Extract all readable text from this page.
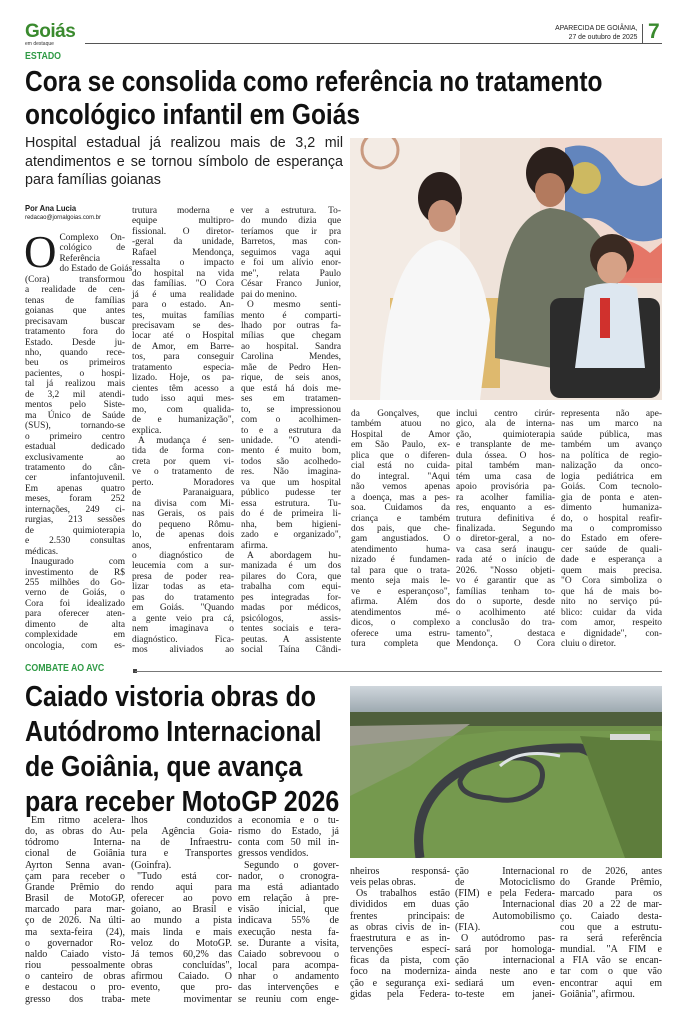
Goiás
em destaque
APARECIDA DE GOIÂNIA,
27 de outubro de 2025 7
ESTADO
Cora se consolida como referência no tratamento
oncológico infantil em Goiás
Hospital estadual já realizou mais de 3,2 mil
atendimentos e se tornou símbolo de esperança
para famílias goianas
Por Ana Lucia
redacao@jornalgoias.com.br
O Complexo On-
cológico de
Referência
do Estado de Goiás
(Cora) transformou
a realidade de cen-
tenas de famílias
goianas que antes
precisavam buscar
tratamento fora do
Estado. Desde ju-
nho, quando rece-
beu os primeiros
pacientes, o hospi-
tal já realizou mais
de 3,2 mil atendi-
mentos pelo Siste-
ma Único de Saúde
(SUS), tornando-se
o primeiro centro
estadual dedicado
exclusivamente ao
tratamento do cân-
cer infantojuvenil.
Em apenas quatro
meses, foram 252
internações, 249 ci-
rurgias, 213 sessões
de quimioterapia
e 2.530 consultas
médicas.
Inaugurado com
investimento de R$
255 milhões do Go-
verno de Goiás, o
Cora foi idealizado
para oferecer aten-
dimento de alta
complexidade em
oncologia, com es-
trutura moderna e
equipe multipro-
fissional. O diretor-
-geral da unidade,
Rafael Mendonça,
ressalta o impacto
do hospital na vida
das famílias. "O Cora
já é uma realidade
para o estado. An-
tes, muitas famílias
precisavam se des-
locar até o Hospital
de Amor, em Barre-
tos, para conseguir
tratamento especia-
lizado. Hoje, os pa-
cientes têm acesso a
tudo isso aqui mes-
mo, com qualida-
de e humanização",
explica.
A mudança é sen-
tida de forma con-
creta por quem vi-
ve o tratamento de
perto. Moradores
de Paranaiguara,
na divisa com Mi-
nas Gerais, os pais
do pequeno Rômu-
lo, de apenas dois
anos, enfrentaram
o diagnóstico de
leucemia com a sur-
presa de poder rea-
lizar todas as eta-
pas do tratamento
em Goiás. "Quando
a gente veio pra cá,
nem imaginava o
diagnóstico. Fica-
mos aliviados ao
ver a estrutura. To-
do mundo dizia que
teríamos que ir pra
Barretos, mas con-
seguimos vaga aqui
e foi um alívio enor-
me", relata Paulo
César Franco Junior,
pai do menino.
O mesmo senti-
mento é comparti-
lhado por outras fa-
mílias que chegam
ao hospital. Sandra
Carolina Mendes,
mãe de Pedro Hen-
rique, de seis anos,
que está há dois me-
ses em tratamen-
to, se impressionou
com o acolhimen-
to e a estrutura da
unidade. "O atendi-
mento é muito bom,
todos são acolhedo-
res. Não imagina-
va que um hospital
público pudesse ter
essa estrutura. Tu-
do é de primeira li-
nha, bem higieni-
zado e organizado",
afirma.
A abordagem hu-
manizada é um dos
pilares do Cora, que
trabalha com equi-
pes integradas for-
madas por médicos,
psicólogos, assis-
tentes sociais e tera-
peutas. A assistente
social Taína Cândi-
da Gonçalves, que
também atuou no
Hospital de Amor
em São Paulo, ex-
plica que o diferen-
cial está no cuida-
do integral. "Aqui
não vemos apenas
a doença, mas a pes-
soa. Cuidamos da
criança e também
dos pais, que che-
gam angustiados. O
atendimento huma-
nizado é fundamen-
tal para que o trata-
mento seja mais le-
ve e esperançoso",
afirma. Além dos
atendimentos mé-
dicos, o complexo
oferece uma estru-
tura completa que
inclui centro cirúr-
gico, ala de interna-
ção, quimioterapia
e transplante de me-
dula óssea. O hos-
pital também man-
tém uma casa de
apoio provisória pa-
ra acolher familia-
res, enquanto a es-
trutura definitiva é
finalizada. Segundo
o diretor-geral, a no-
va casa será inaugu-
rada até o início de
2026. "Nosso objeti-
vo é garantir que as
famílias tenham to-
do o suporte, desde
o acolhimento até
a conclusão do tra-
tamento", destaca
Mendonça. O Cora
representa não ape-
nas um marco na
saúde pública, mas
também um avanço
na política de regio-
nalização da onco-
logia pediátrica em
Goiás. Com tecnolo-
gia de ponta e aten-
dimento humaniza-
do, o hospital reafir-
ma o compromisso
do Estado em ofere-
cer saúde de quali-
dade e esperança a
quem mais precisa.
"O Cora simboliza o
que há de mais bo-
nito no serviço pú-
blico: cuidar da vida
com amor, respeito
e dignidade", con-
cluiu o diretor.
COMBATE AO AVC
Caiado vistoria obras do
Autódromo Internacional
de Goiânia, que avança
para receber MotoGP 2026
Em ritmo acelera-
do, as obras do Au-
tódromo Interna-
cional de Goiânia
Ayrton Senna avan-
çam para receber o
Grande Prêmio do
Brasil de MotoGP,
marcado para mar-
ço de 2026. Na últi-
ma sexta-feira (24),
o governador Ro-
naldo Caiado visto-
riou pessoalmente
o canteiro de obras
e destacou o pro-
gresso dos traba-
lhos conduzidos
pela Agência Goia-
na de Infraestru-
tura e Transportes
(Goinfra).
"Tudo está cor-
rendo aqui para
oferecer ao povo
goiano, ao Brasil e
ao mundo a pista
mais linda e mais
veloz do MotoGP.
Já temos 60,2% das
obras concluídas",
afirmou Caiado. O
evento, que pro-
mete movimentar
a economia e o tu-
rismo do Estado, já
conta com 50 mil in-
gressos vendidos.
Segundo o gover-
nador, o cronogra-
ma está adiantado
em relação à pre-
visão inicial, que
indicava 55% de
execução nesta fa-
se. Durante a visita,
Caiado sobrevoou o
local para acompa-
nhar o andamento
das intervenções e
se reuniu com enge-
nheiros responsá-
veis pelas obras.
Os trabalhos estão
divididos em duas
frentes principais:
as obras civis de in-
fraestrutura e as in-
tervenções especí-
ficas da pista, com
foco na moderniza-
ção e segurança exi-
gidas pela Federa-
ção Internacional
de Motociclismo
(FIM) e pela Federa-
ção Internacional
de Automobilismo
(FIA).
O autódromo pas-
sará por homologa-
ção internacional
ainda neste ano e
sediará um even-
to-teste em janei-
ro de 2026, antes
do Grande Prêmio,
marcado para os
dias 20 a 22 de mar-
ço. Caiado desta-
cou que a estrutu-
ra será referência
mundial. "A FIM e
a FIA vão se encan-
tar com o que vão
encontrar aqui em
Goiânia", afirmou.
